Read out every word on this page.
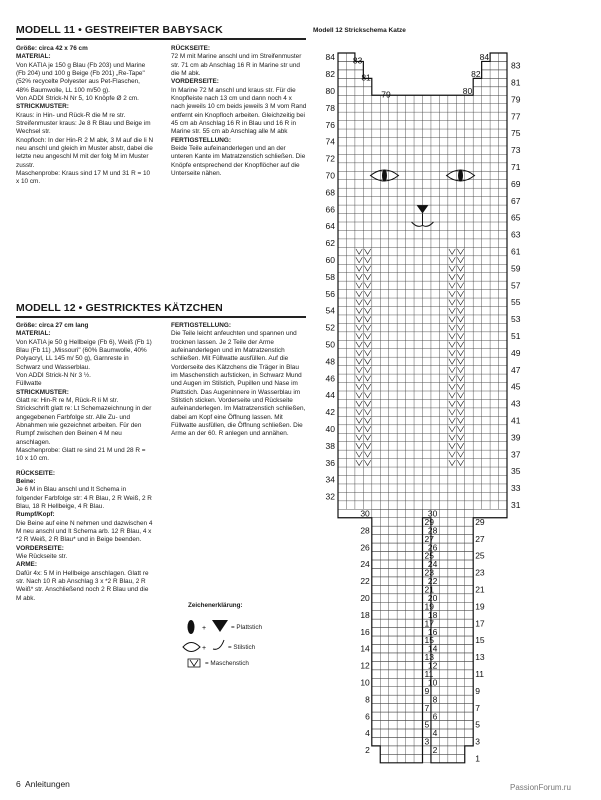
MODELL 11 • GESTREIFTER BABYSACK

Größe: circa 42 x 76 cm

MATERIAL:

Von KATIA je 150 g Blau (Fb 203) und Marine (Fb 204) und 100 g Beige (Fb 201) „Re-Tape" (52% recycelte Polyester aus Pet-Flaschen, 48% Baumwolle, LL 100 m/50 g).

Von ADDI Strick-N Nr 5, 10 Knöpfe Ø 2 cm.

STRICKMUSTER:

Kraus: in Hin- und Rück-R die M re str.

Streifenmuster kraus: Je 8 R Blau und Beige im Wechsel str.

Knopfloch: In der Hin-R 2 M abk, 3 M auf die li N neu anschl und gleich im Muster abstr, dabei die letzte neu angeschl M mit der folg M im Muster zusstr.

Maschenprobe: Kraus sind 17 M und 31 R = 10 x 10 cm.

RÜCKSEITE:

72 M mit Marine anschl und im Streifenmuster str. 71 cm ab Anschlag 16 R in Marine str und die M abk.

VORDERSEITE:

In Marine 72 M anschl und kraus str. Für die Knopfleiste nach 13 cm und dann noch 4 x nach jeweils 10 cm beids jeweils 3 M vom Rand entfernt ein Knopfloch arbeiten. Gleichzeitig bei 45 cm ab Anschlag 16 R in Blau und 16 R in Marine str. 55 cm ab Anschlag alle M abk

FERTIGSTELLUNG:

Beide Teile aufeinanderlegen und an der unteren Kante im Matratzenstich schließen. Die Knöpfe entsprechend der Knopflöcher auf die Unterseite nähen.

MODELL 12 • GESTRICKTES KÄTZCHEN

Größe: circa 27 cm lang

MATERIAL:

Von KATIA je 50 g Hellbeige (Fb 6), Weiß (Fb 1) Blau (Fb 11) „Missouri" (60% Baumwolle, 40% Polyacryl, LL 145 m/ 50 g), Garnreste in Schwarz und Wasserblau.

Von ADDI Strick-N Nr 3 ½.

Füllwatte

STRICKMUSTER:

Glatt re: Hin-R re M, Rück-R li M str.

Strickschrift glatt re: Lt Schemazeichnung in der angegebenen Farbfolge str. Alle Zu- und Abnahmen wie gezeichnet arbeiten. Für den Rumpf zwischen den Beinen 4 M neu anschlagen.

Maschenprobe: Glatt re sind 21 M und 28 R = 10 x 10 cm.

RÜCKSEITE:

Beine:

Je 6 M in Blau anschl und lt Schema in folgender Farbfolge str: 4 R Blau, 2 R Weiß, 2 R Blau, 18 R Hellbeige, 4 R Blau.

Rumpf/Kopf:

Die Beine auf eine N nehmen und dazwischen 4 M neu anschl und lt Schema arb. 12 R Blau, 4 x *2 R Weiß, 2 R Blau* und in Beige beenden.

VORDERSEITE:

Wie Rückseite str.

ARME:

Dafür 4x: 5 M in Hellbeige anschlagen. Glatt re str. Nach 10 R ab Anschlag 3 x *2 R Blau, 2 R Weiß* str. Anschließend noch 2 R Blau und die M abk.

FERTIGSTELLUNG:

Die Teile leicht anfeuchten und spannen und trocknen lassen. Je 2 Teile der Arme aufeinanderlegen und im Matratzenstich schließen. Mit Füllwatte ausfüllen. Auf die Vorderseite des Kätzchens die Träger in Blau im Maschenstich aufsticken, in Schwarz Mund und Augen im Stilstich, Pupillen und Nase im Plattstich. Das Augeninnere in Wasserblau im Stilstich sticken. Vorderseite und Rückseite aufeinanderlegen. Im Matratzenstich schließen, dabei am Kopf eine Öffnung lassen. Mit Füllwatte ausfüllen, die Öffnung schließen. Die Arme an der 60. R anlegen und annähen.

Zeichenerklärung:
+
+
= Plattstich
= Stilstich
= Maschenstich
Modell 12 Strickschema Katze
84
82
80
78
76
74
72
70
68
66
64
62
60
58
56
54
52
50
48
46
44
42
40
38
36
34
32
83
81
79
77
75
73
71
69
67
65
63
61
59
57
55
53
51
49
47
45
43
41
39
37
35
33
31
30
28
26
24
22
20
18
16
14
12
10
8
6
4
2
29
27
25
23
21
19
17
15
13
11
9
7
5
3
1
29
27
25
23
21
19
17
15
13
11
9
7
5
3
30
28
26
24
22
20
18
16
14
12
10
8
6
4
2
83
81
79
84
82
80
6 Anleitungen	PassionForum.ru
